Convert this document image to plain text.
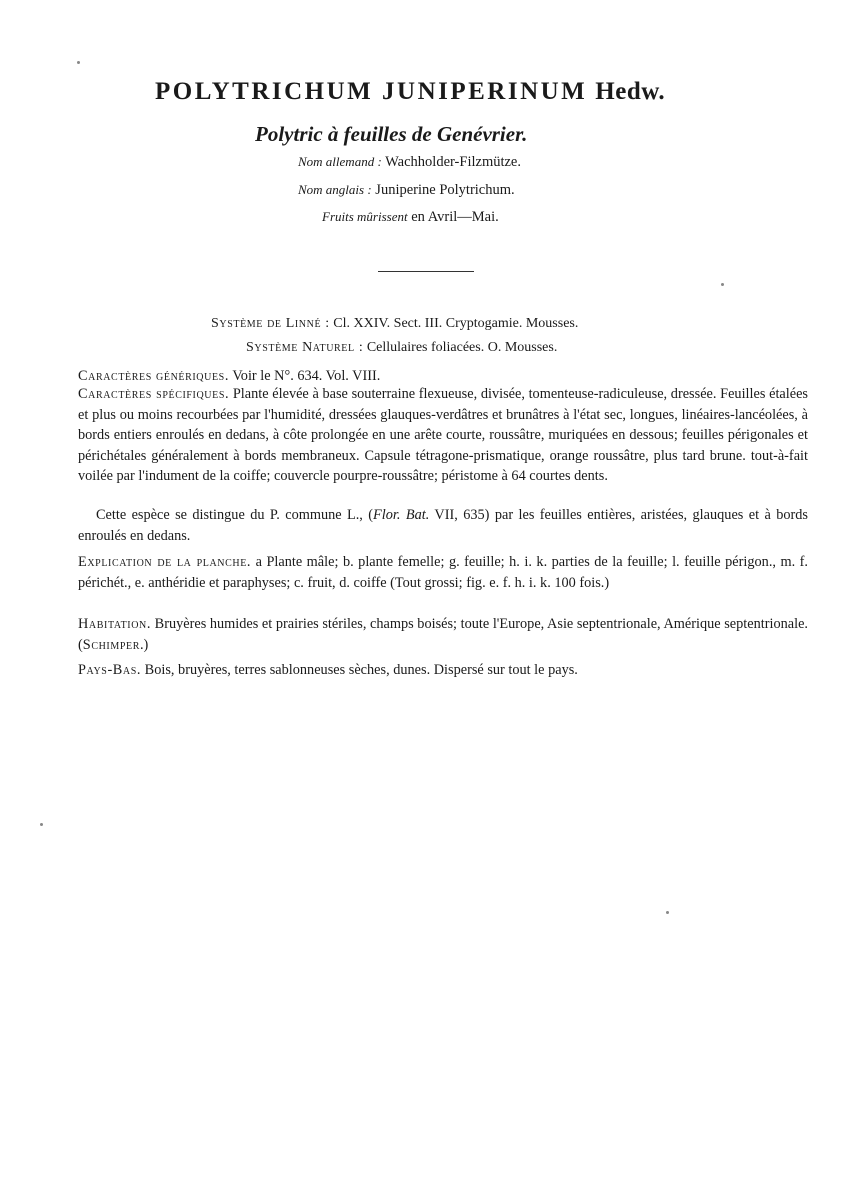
POLYTRICHUM JUNIPERINUM Hedw.
Polytric à feuilles de Genévrier.
Nom allemand : Wachholder-Filzmütze.
Nom anglais : Juniperine Polytrichum.
Fruits mûrissent en Avril—Mai.
Système de Linné : Cl. XXIV. Sect. III. Cryptogamie. Mousses.
Système Naturel : Cellulaires foliacées. O. Mousses.

Caractères génériques. Voir le N°. 634. Vol. VIII.

Caractères spécifiques. Plante élevée à base souterraine flexueuse, divisée, tomenteuse-radiculeuse, dressée. Feuilles étalées et plus ou moins recourbées par l'humidité, dressées glauques-verdâtres et brunâtres à l'état sec, longues, linéaires-lancéolées, à bords entiers enroulés en dedans, à côte prolongée en une arête courte, roussâtre, muriquées en dessous; feuilles périgonales et périchétales généralement à bords membraneux. Capsule tétragone-prismatique, orange roussâtre, plus tard brune. tout-à-fait voilée par l'indument de la coiffe; couvercle pourpre-roussâtre; péristome à 64 courtes dents.

Cette espèce se distingue du P. commune L., (Flor. Bat. VII, 635) par les feuilles entières, aristées, glauques et à bords enroulés en dedans.

Explication de la planche. a Plante mâle; b. plante femelle; g. feuille; h. i. k. parties de la feuille; l. feuille périgon., m. f. périchét., e. anthéridie et paraphyses; c. fruit, d. coiffe (Tout grossi; fig. e. f. h. i. k. 100 fois.)

Habitation. Bruyères humides et prairies stériles, champs boisés; toute l'Europe, Asie septentrionale, Amérique septentrionale. (Schimper.)

Pays-Bas. Bois, bruyères, terres sablonneuses sèches, dunes. Dispersé sur tout le pays.
